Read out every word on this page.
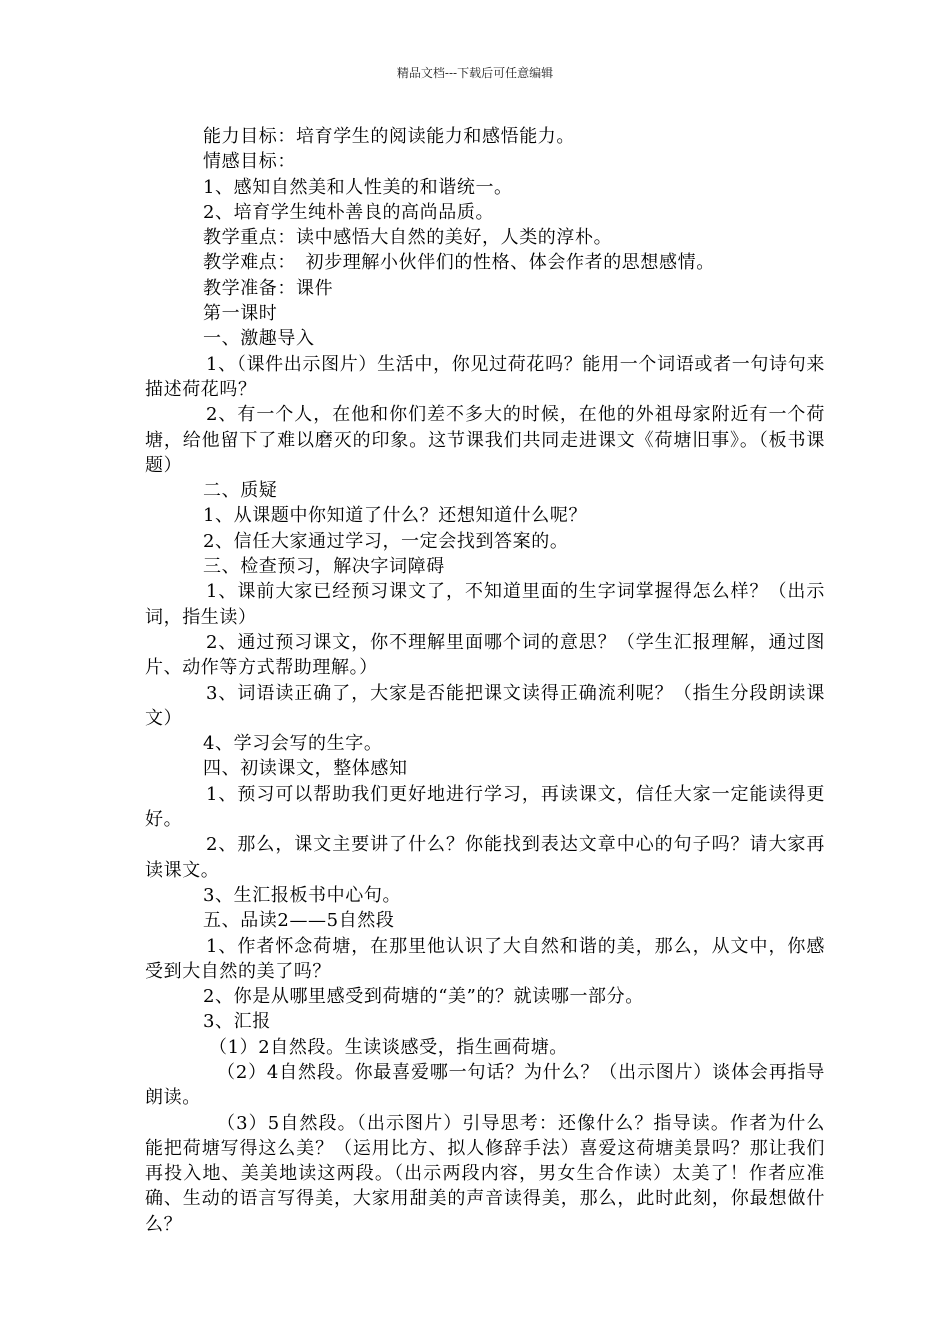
精品文档---下载后可任意编辑

能力目标：培育学生的阅读能力和感悟能力。

情感目标：

1、感知自然美和人性美的和谐统一。

2、培育学生纯朴善良的高尚品质。

教学重点：读中感悟大自然的美好，人类的淳朴。

教学难点：　初步理解小伙伴们的性格、体会作者的思想感情。

教学准备：课件

第一课时

一、激趣导入

1、（课件出示图片）生活中，你见过荷花吗？能用一个词语或者一句诗句来描述荷花吗？

2、有一个人，在他和你们差不多大的时候，在他的外祖母家附近有一个荷塘，给他留下了难以磨灭的印象。这节课我们共同走进课文《荷塘旧事》。（板书课题）

二、质疑

1、从课题中你知道了什么？还想知道什么呢？

2、信任大家通过学习，一定会找到答案的。

三、检查预习，解决字词障碍

1、课前大家已经预习课文了，不知道里面的生字词掌握得怎么样？（出示词，指生读）

2、通过预习课文，你不理解里面哪个词的意思？（学生汇报理解，通过图片、动作等方式帮助理解。）

3、词语读正确了，大家是否能把课文读得正确流利呢？（指生分段朗读课文）

4、学习会写的生字。

四、初读课文，整体感知

1、预习可以帮助我们更好地进行学习，再读课文，信任大家一定能读得更好。

2、那么，课文主要讲了什么？你能找到表达文章中心的句子吗？请大家再读课文。

3、生汇报板书中心句。

五、品读2——5自然段

1、作者怀念荷塘，在那里他认识了大自然和谐的美，那么，从文中，你感受到大自然的美了吗？

2、你是从哪里感受到荷塘的“美”的？就读哪一部分。

3、汇报

（1）2自然段。生读谈感受，指生画荷塘。

（2）4自然段。你最喜爱哪一句话？为什么？（出示图片）谈体会再指导朗读。

（3）5自然段。（出示图片）引导思考：还像什么？指导读。作者为什么能把荷塘写得这么美？（运用比方、拟人修辞手法）喜爱这荷塘美景吗？那让我们再投入地、美美地读这两段。（出示两段内容，男女生合作读）太美了！作者应准确、生动的语言写得美，大家用甜美的声音读得美，那么，此时此刻，你最想做什么？
